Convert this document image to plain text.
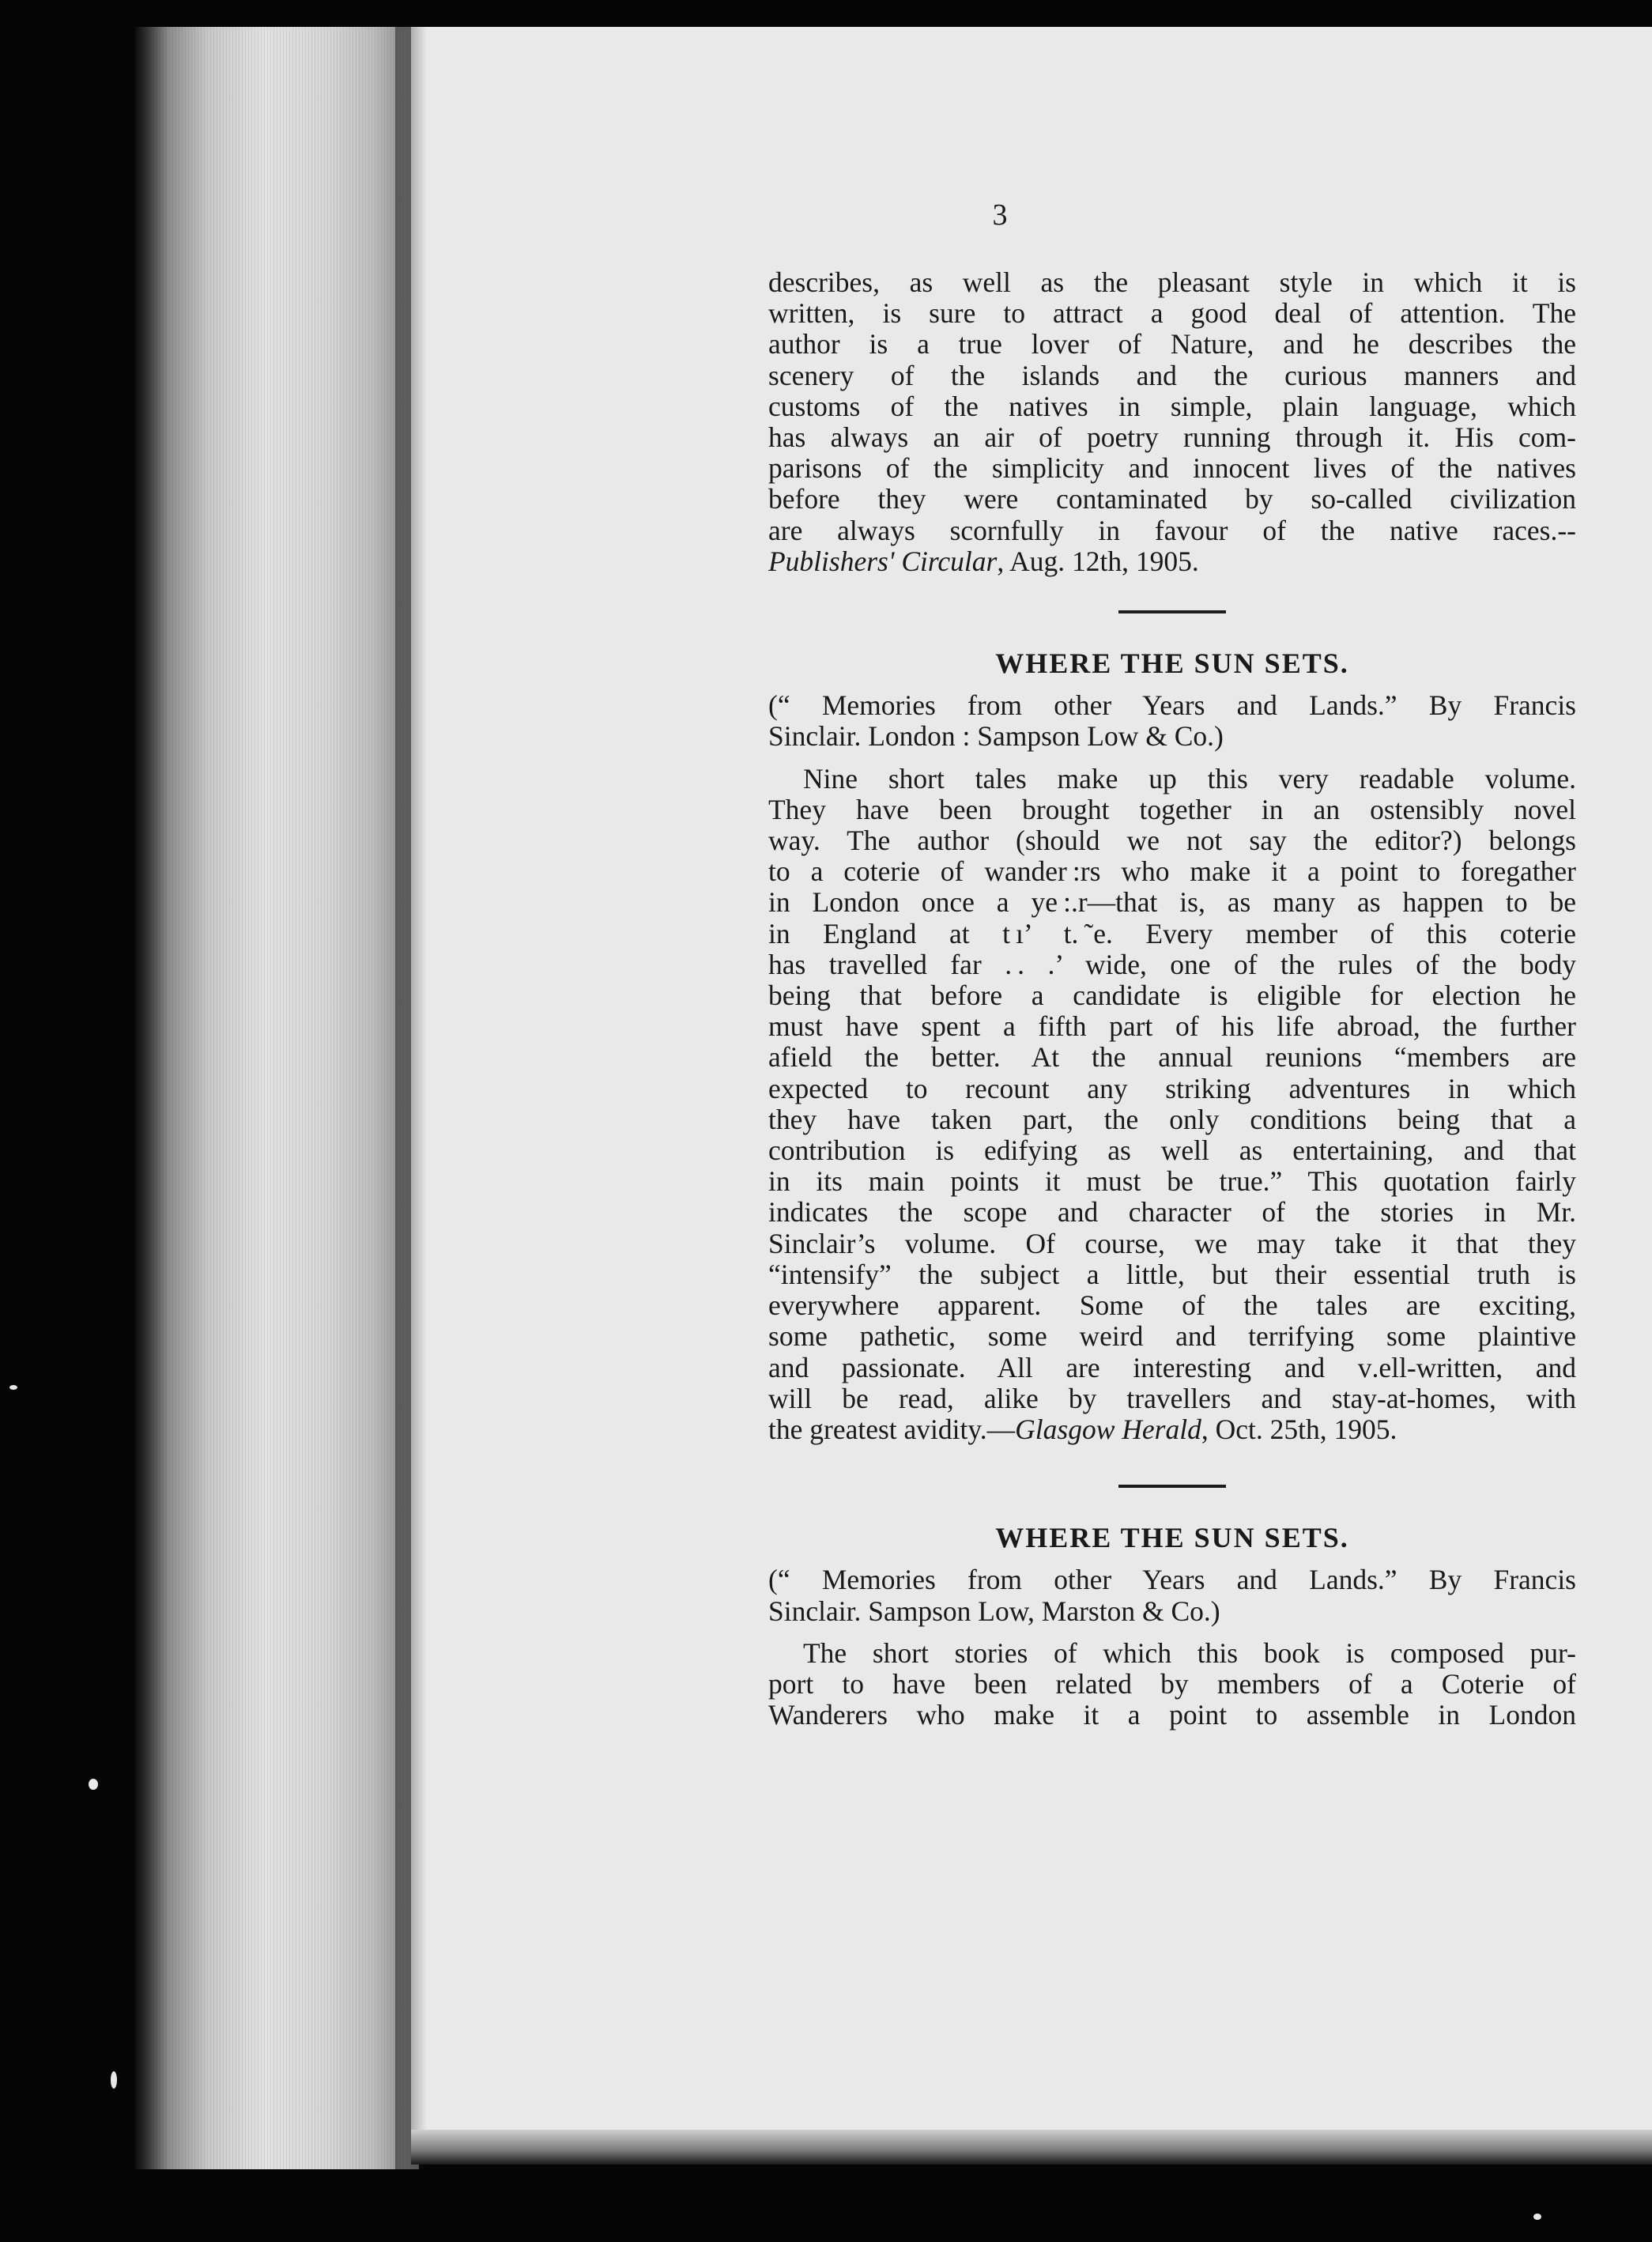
3
describes, as well as the pleasant style in which it is
written, is sure to attract a good deal of attention. The
author is a true lover of Nature, and he describes the
scenery of the islands and the curious manners and
customs of the natives in simple, plain language, which
has always an air of poetry running through it. His com-
parisons of the simplicity and innocent lives of the natives
before they were contaminated by so-called civilization
are always scornfully in favour of the native races.--
Publishers' Circular, Aug. 12th, 1905.
WHERE THE SUN SETS.
(“ Memories from other Years and Lands.” By Francis
Sinclair. London : Sampson Low & Co.)
Nine short tales make up this very readable volume.
They have been brought together in an ostensibly novel
way. The author (should we not say the editor?) belongs
to a coterie of wander :rs who make it a point to foregather
in London once a ye :.r—that is, as many as happen to be
in England at t ı’ t. ˜e. Every member of this coterie
has travelled far . . .’ wide, one of the rules of the body
being that before a candidate is eligible for election he
must have spent a fifth part of his life abroad, the further
afield the better. At the annual reunions “members are
expected to recount any striking adventures in which
they have taken part, the only conditions being that a
contribution is edifying as well as entertaining, and that
in its main points it must be true.” This quotation fairly
indicates the scope and character of the stories in Mr.
Sinclair’s volume. Of course, we may take it that they
“intensify” the subject a little, but their essential truth is
everywhere apparent. Some of the tales are exciting,
some pathetic, some weird and terrifying some plaintive
and passionate. All are interesting and ᴠ.ell-written, and
will be read, alike by travellers and stay-at-homes, with
the greatest avidity.—Glasgow Herald, Oct. 25th, 1905.
WHERE THE SUN SETS.
(“ Memories from other Years and Lands.” By Francis
Sinclair. Sampson Low, Marston & Co.)
The short stories of which this book is composed pur-
port to have been related by members of a Coterie of
Wanderers who make it a point to assemble in London
